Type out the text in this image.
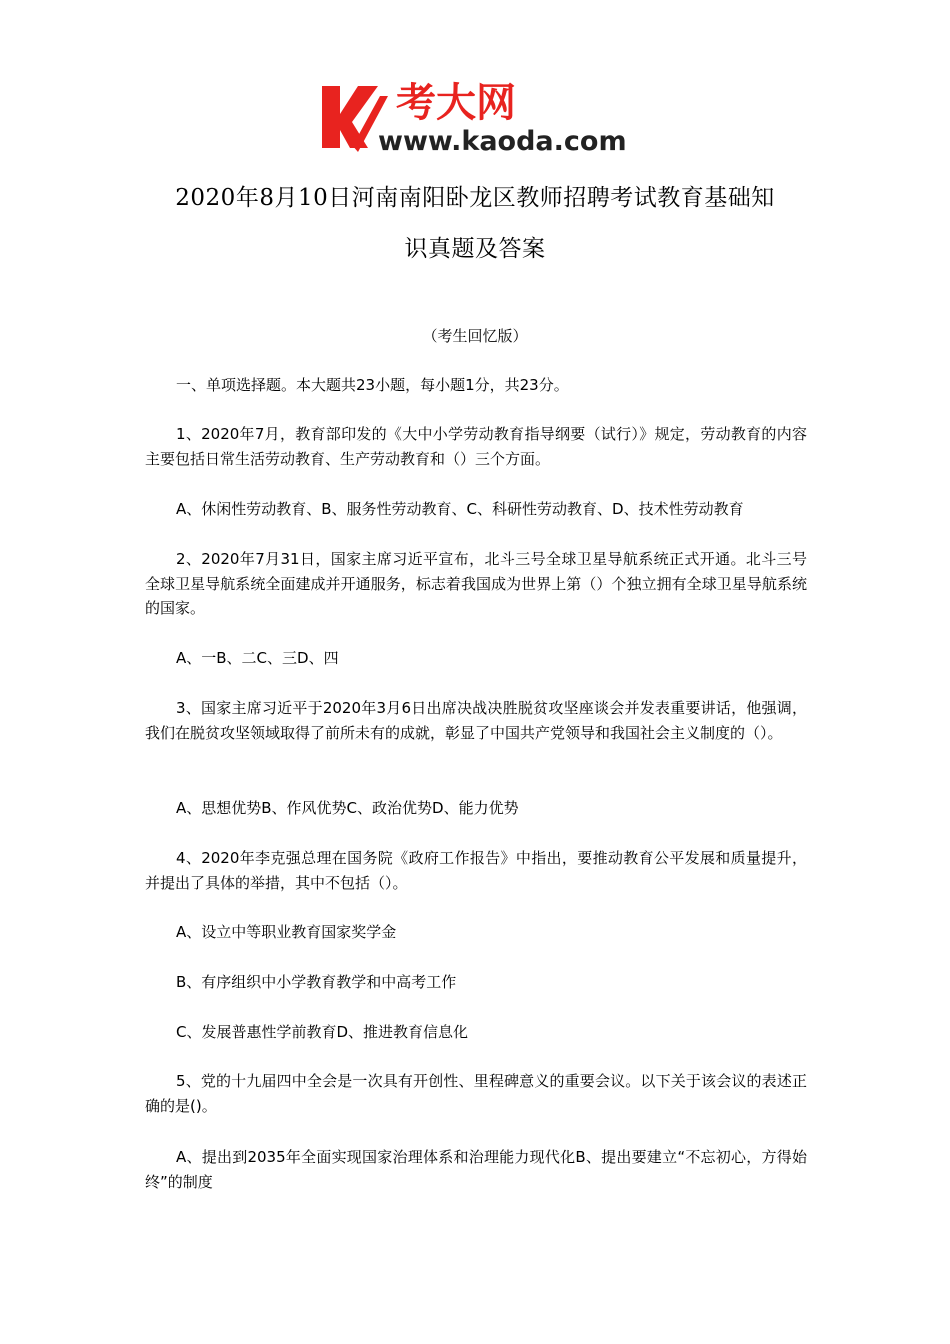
考大网
www.kaoda.com
2020年8月10日河南南阳卧龙区教师招聘考试教育基础知
识真题及答案
（考生回忆版）
一、单项选择题。本大题共23小题，每小题1分，共23分。
1、2020年7月，教育部印发的《大中小学劳动教育指导纲要（试行）》规定，劳动教育的内容主要包括日常生活劳动教育、生产劳动教育和（）三个方面。
A、休闲性劳动教育、B、服务性劳动教育、C、科研性劳动教育、D、技术性劳动教育
2、2020年7月31日，国家主席习近平宣布，北斗三号全球卫星导航系统正式开通。北斗三号全球卫星导航系统全面建成并开通服务，标志着我国成为世界上第（）个独立拥有全球卫星导航系统的国家。
A、一B、二C、三D、四
3、国家主席习近平于2020年3月6日出席决战决胜脱贫攻坚座谈会并发表重要讲话，他强调，我们在脱贫攻坚领域取得了前所未有的成就，彰显了中国共产党领导和我国社会主义制度的（）。
A、思想优势B、作风优势C、政治优势D、能力优势
4、2020年李克强总理在国务院《政府工作报告》中指出，要推动教育公平发展和质量提升，并提出了具体的举措，其中不包括（）。
A、设立中等职业教育国家奖学金
B、有序组织中小学教育教学和中高考工作
C、发展普惠性学前教育D、推进教育信息化
5、党的十九届四中全会是一次具有开创性、里程碑意义的重要会议。以下关于该会议的表述正确的是()。
A、提出到2035年全面实现国家治理体系和治理能力现代化B、提出要建立“不忘初心，方得始终”的制度
